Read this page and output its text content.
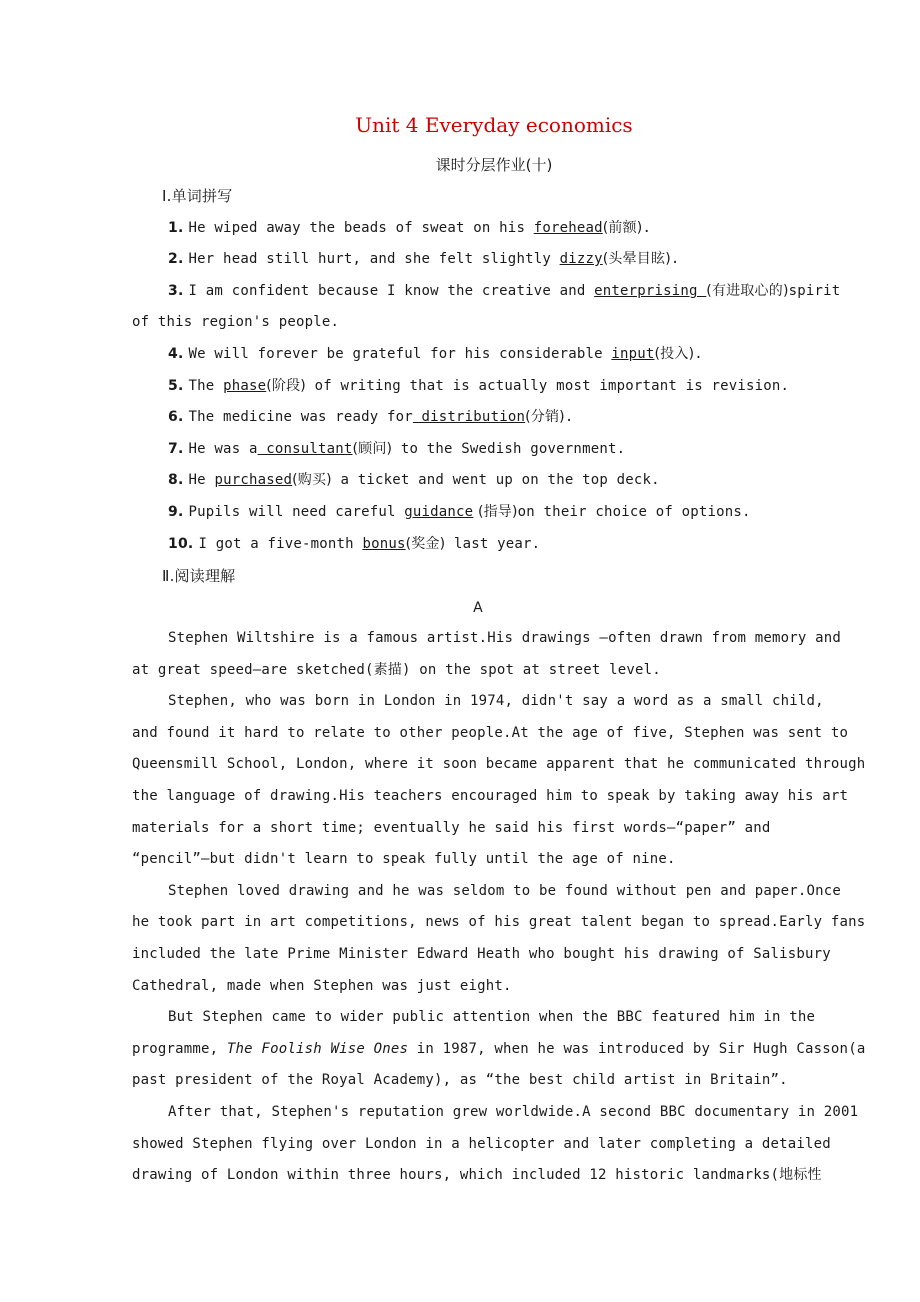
Unit 4 Everyday economics
课时分层作业(十)
Ⅰ.单词拼写
1. He wiped away the beads of sweat on his forehead(前额).
2. Her head still hurt, and she felt slightly dizzy(头晕目眩).
3. I am confident because I know the creative and enterprising (有进取心的)spirit
of this region's people.
4. We will forever be grateful for his considerable input(投入).
5. The phase(阶段) of writing that is actually most important is revision.
6. The medicine was ready for distribution(分销).
7. He was a consultant(顾问) to the Swedish government.
8. He purchased(购买) a ticket and went up on the top deck.
9. Pupils will need careful guidance (指导)on their choice of options.
10. I got a five-month bonus(奖金) last year.
Ⅱ.阅读理解
A
Stephen Wiltshire is a famous artist.His drawings —often drawn from memory and
at great speed—are sketched(素描) on the spot at street level.
Stephen, who was born in London in 1974, didn't say a word as a small child,
and found it hard to relate to other people.At the age of five, Stephen was sent to
Queensmill School, London, where it soon became apparent that he communicated through
the language of drawing.His teachers encouraged him to speak by taking away his art
materials for a short time; eventually he said his first words—“paper” and
“pencil”—but didn't learn to speak fully until the age of nine.
Stephen loved drawing and he was seldom to be found without pen and paper.Once
he took part in art competitions, news of his great talent began to spread.Early fans
included the late Prime Minister Edward Heath who bought his drawing of Salisbury
Cathedral, made when Stephen was just eight.
But Stephen came to wider public attention when the BBC featured him in the
programme, The Foolish Wise Ones in 1987, when he was introduced by Sir Hugh Casson(a
past president of the Royal Academy), as “the best child artist in Britain”.
After that, Stephen's reputation grew worldwide.A second BBC documentary in 2001
showed Stephen flying over London in a helicopter and later completing a detailed
drawing of London within three hours, which included 12 historic landmarks(地标性
